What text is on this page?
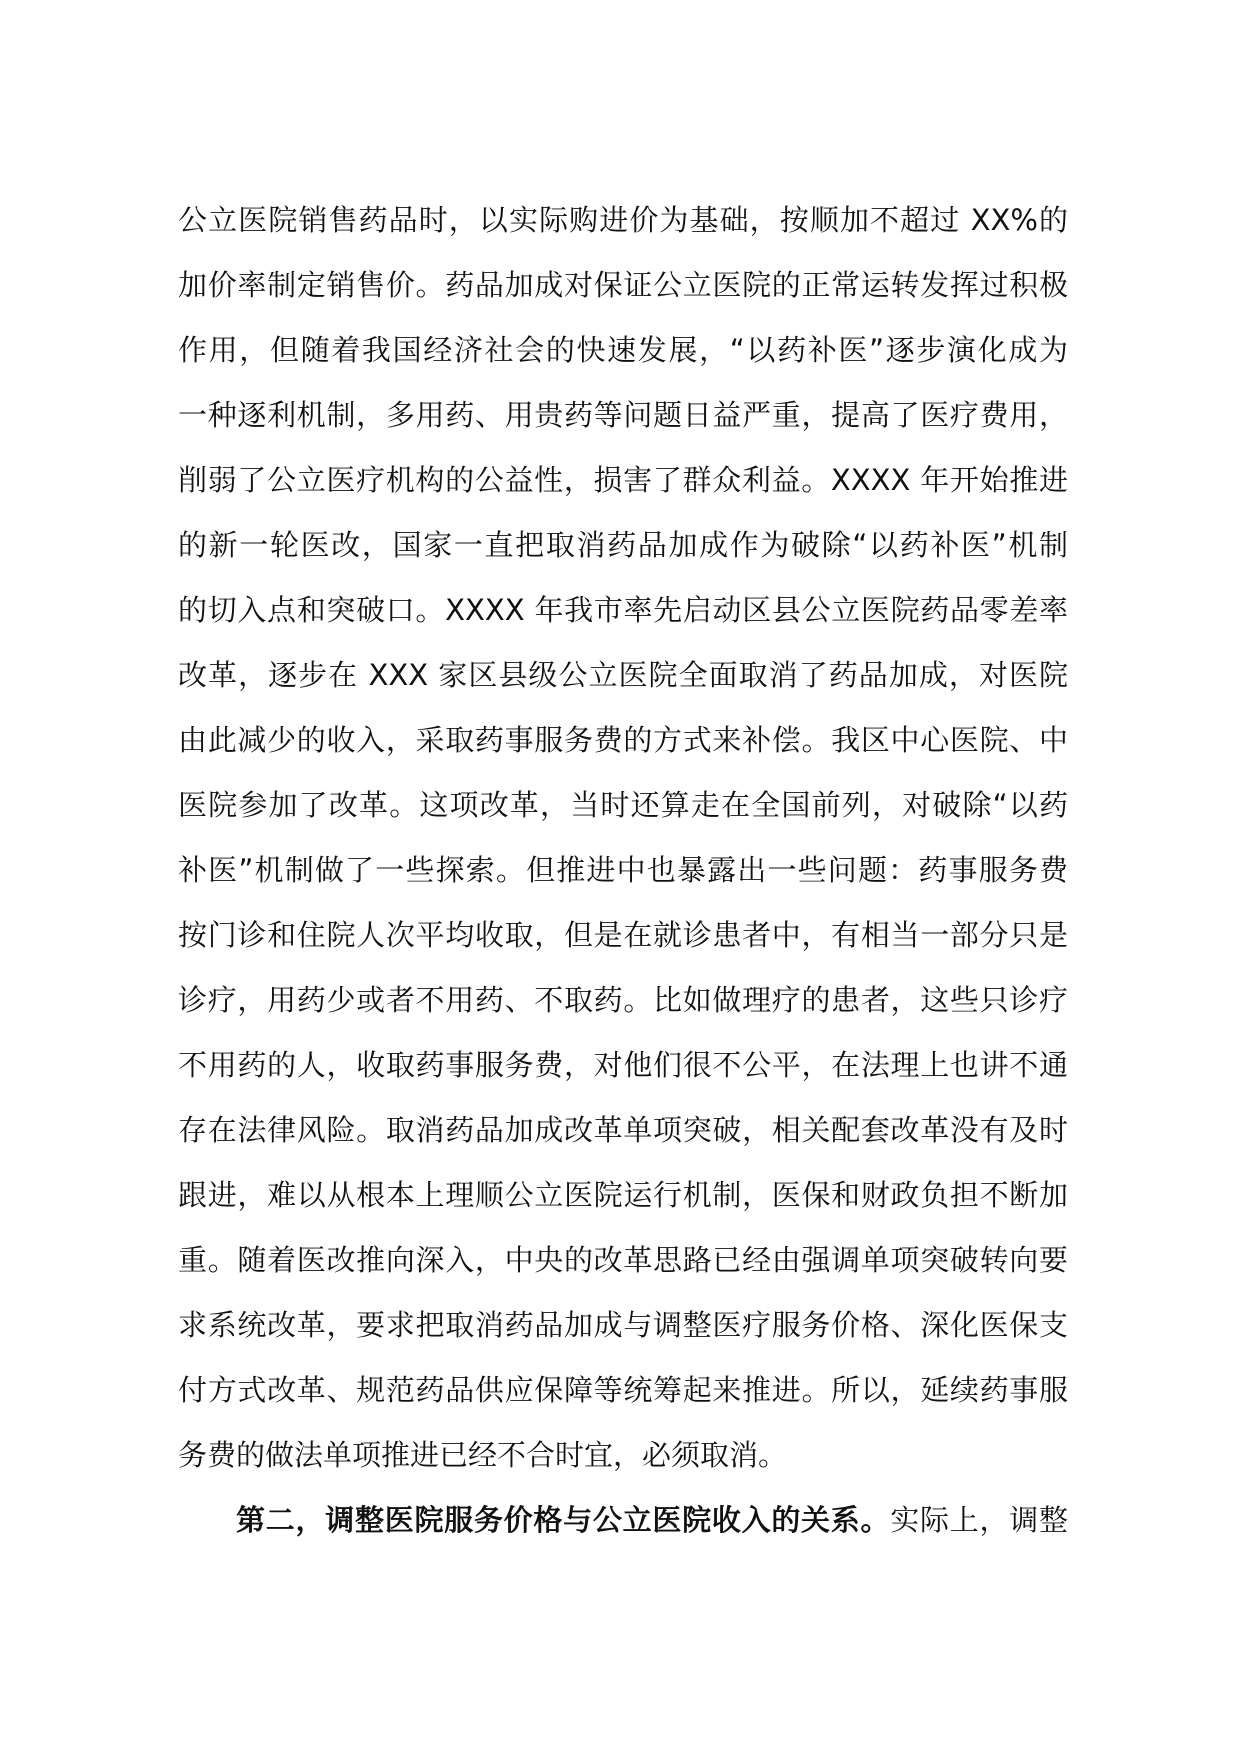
公立医院销售药品时，以实际购进价为基础，按顺加不超过 XX%的
加价率制定销售价。药品加成对保证公立医院的正常运转发挥过积极
作用，但随着我国经济社会的快速发展，“以药补医”逐步演化成为
一种逐利机制，多用药、用贵药等问题日益严重，提高了医疗费用，
削弱了公立医疗机构的公益性，损害了群众利益。XXXX 年开始推进
的新一轮医改，国家一直把取消药品加成作为破除“以药补医”机制
的切入点和突破口。XXXX 年我市率先启动区县公立医院药品零差率
改革，逐步在 XXX 家区县级公立医院全面取消了药品加成，对医院
由此减少的收入，采取药事服务费的方式来补偿。我区中心医院、中
医院参加了改革。这项改革，当时还算走在全国前列，对破除“以药
补医”机制做了一些探索。但推进中也暴露出一些问题：药事服务费
按门诊和住院人次平均收取，但是在就诊患者中，有相当一部分只是
诊疗，用药少或者不用药、不取药。比如做理疗的患者，这些只诊疗
不用药的人，收取药事服务费，对他们很不公平，在法理上也讲不通
存在法律风险。取消药品加成改革单项突破，相关配套改革没有及时
跟进，难以从根本上理顺公立医院运行机制，医保和财政负担不断加
重。随着医改推向深入，中央的改革思路已经由强调单项突破转向要
求系统改革，要求把取消药品加成与调整医疗服务价格、深化医保支
付方式改革、规范药品供应保障等统筹起来推进。所以，延续药事服
务费的做法单项推进已经不合时宜，必须取消。
第二，调整医院服务价格与公立医院收入的关系。实际上，调整
